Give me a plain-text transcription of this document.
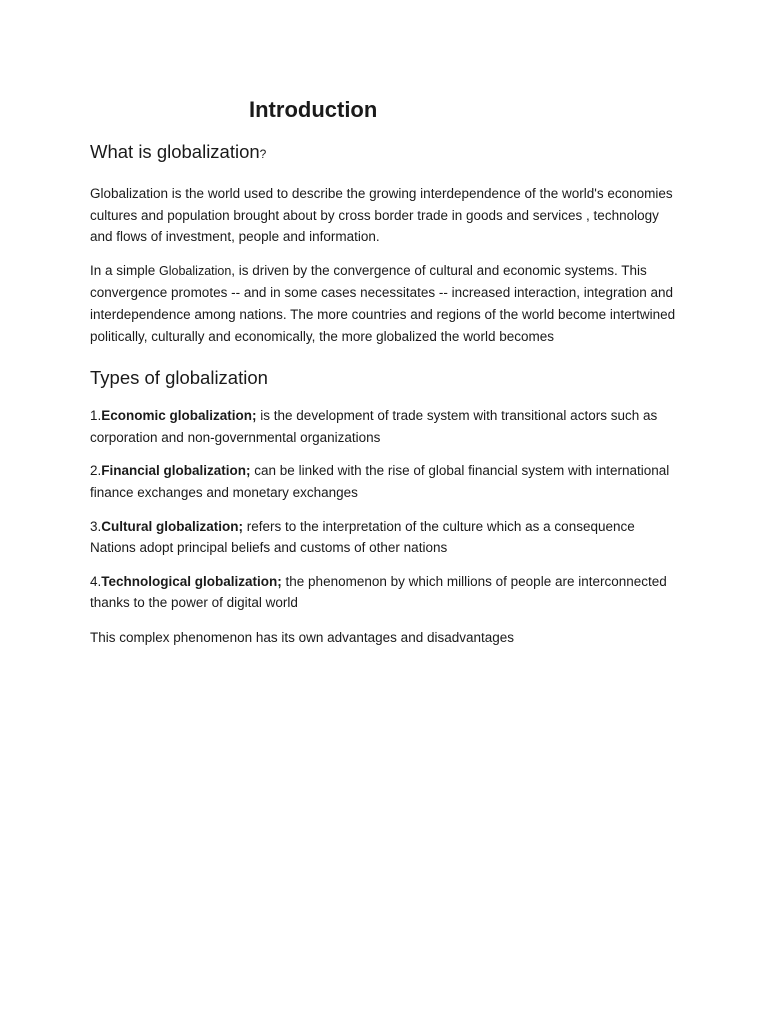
Introduction
What is globalization?

Globalization is the world used to describe the growing interdependence of the world's economies cultures and population brought about by cross border trade in goods and services , technology and flows of investment, people and information.

In a simple Globalization, is driven by the convergence of cultural and economic systems. This convergence promotes -- and in some cases necessitates -- increased interaction, integration and interdependence among nations. The more countries and regions of the world become intertwined politically, culturally and economically, the more globalized the world becomes

Types of globalization

1.Economic globalization; is the development of trade system with transitional actors such as corporation and non-governmental organizations

2.Financial globalization; can be linked with the rise of global financial system with international finance exchanges and monetary exchanges

3.Cultural globalization; refers to the interpretation of the culture which as a consequence Nations adopt principal beliefs and customs of other nations

4.Technological globalization; the phenomenon by which millions of people are interconnected thanks to the power of digital world

This complex phenomenon has its own advantages and disadvantages
